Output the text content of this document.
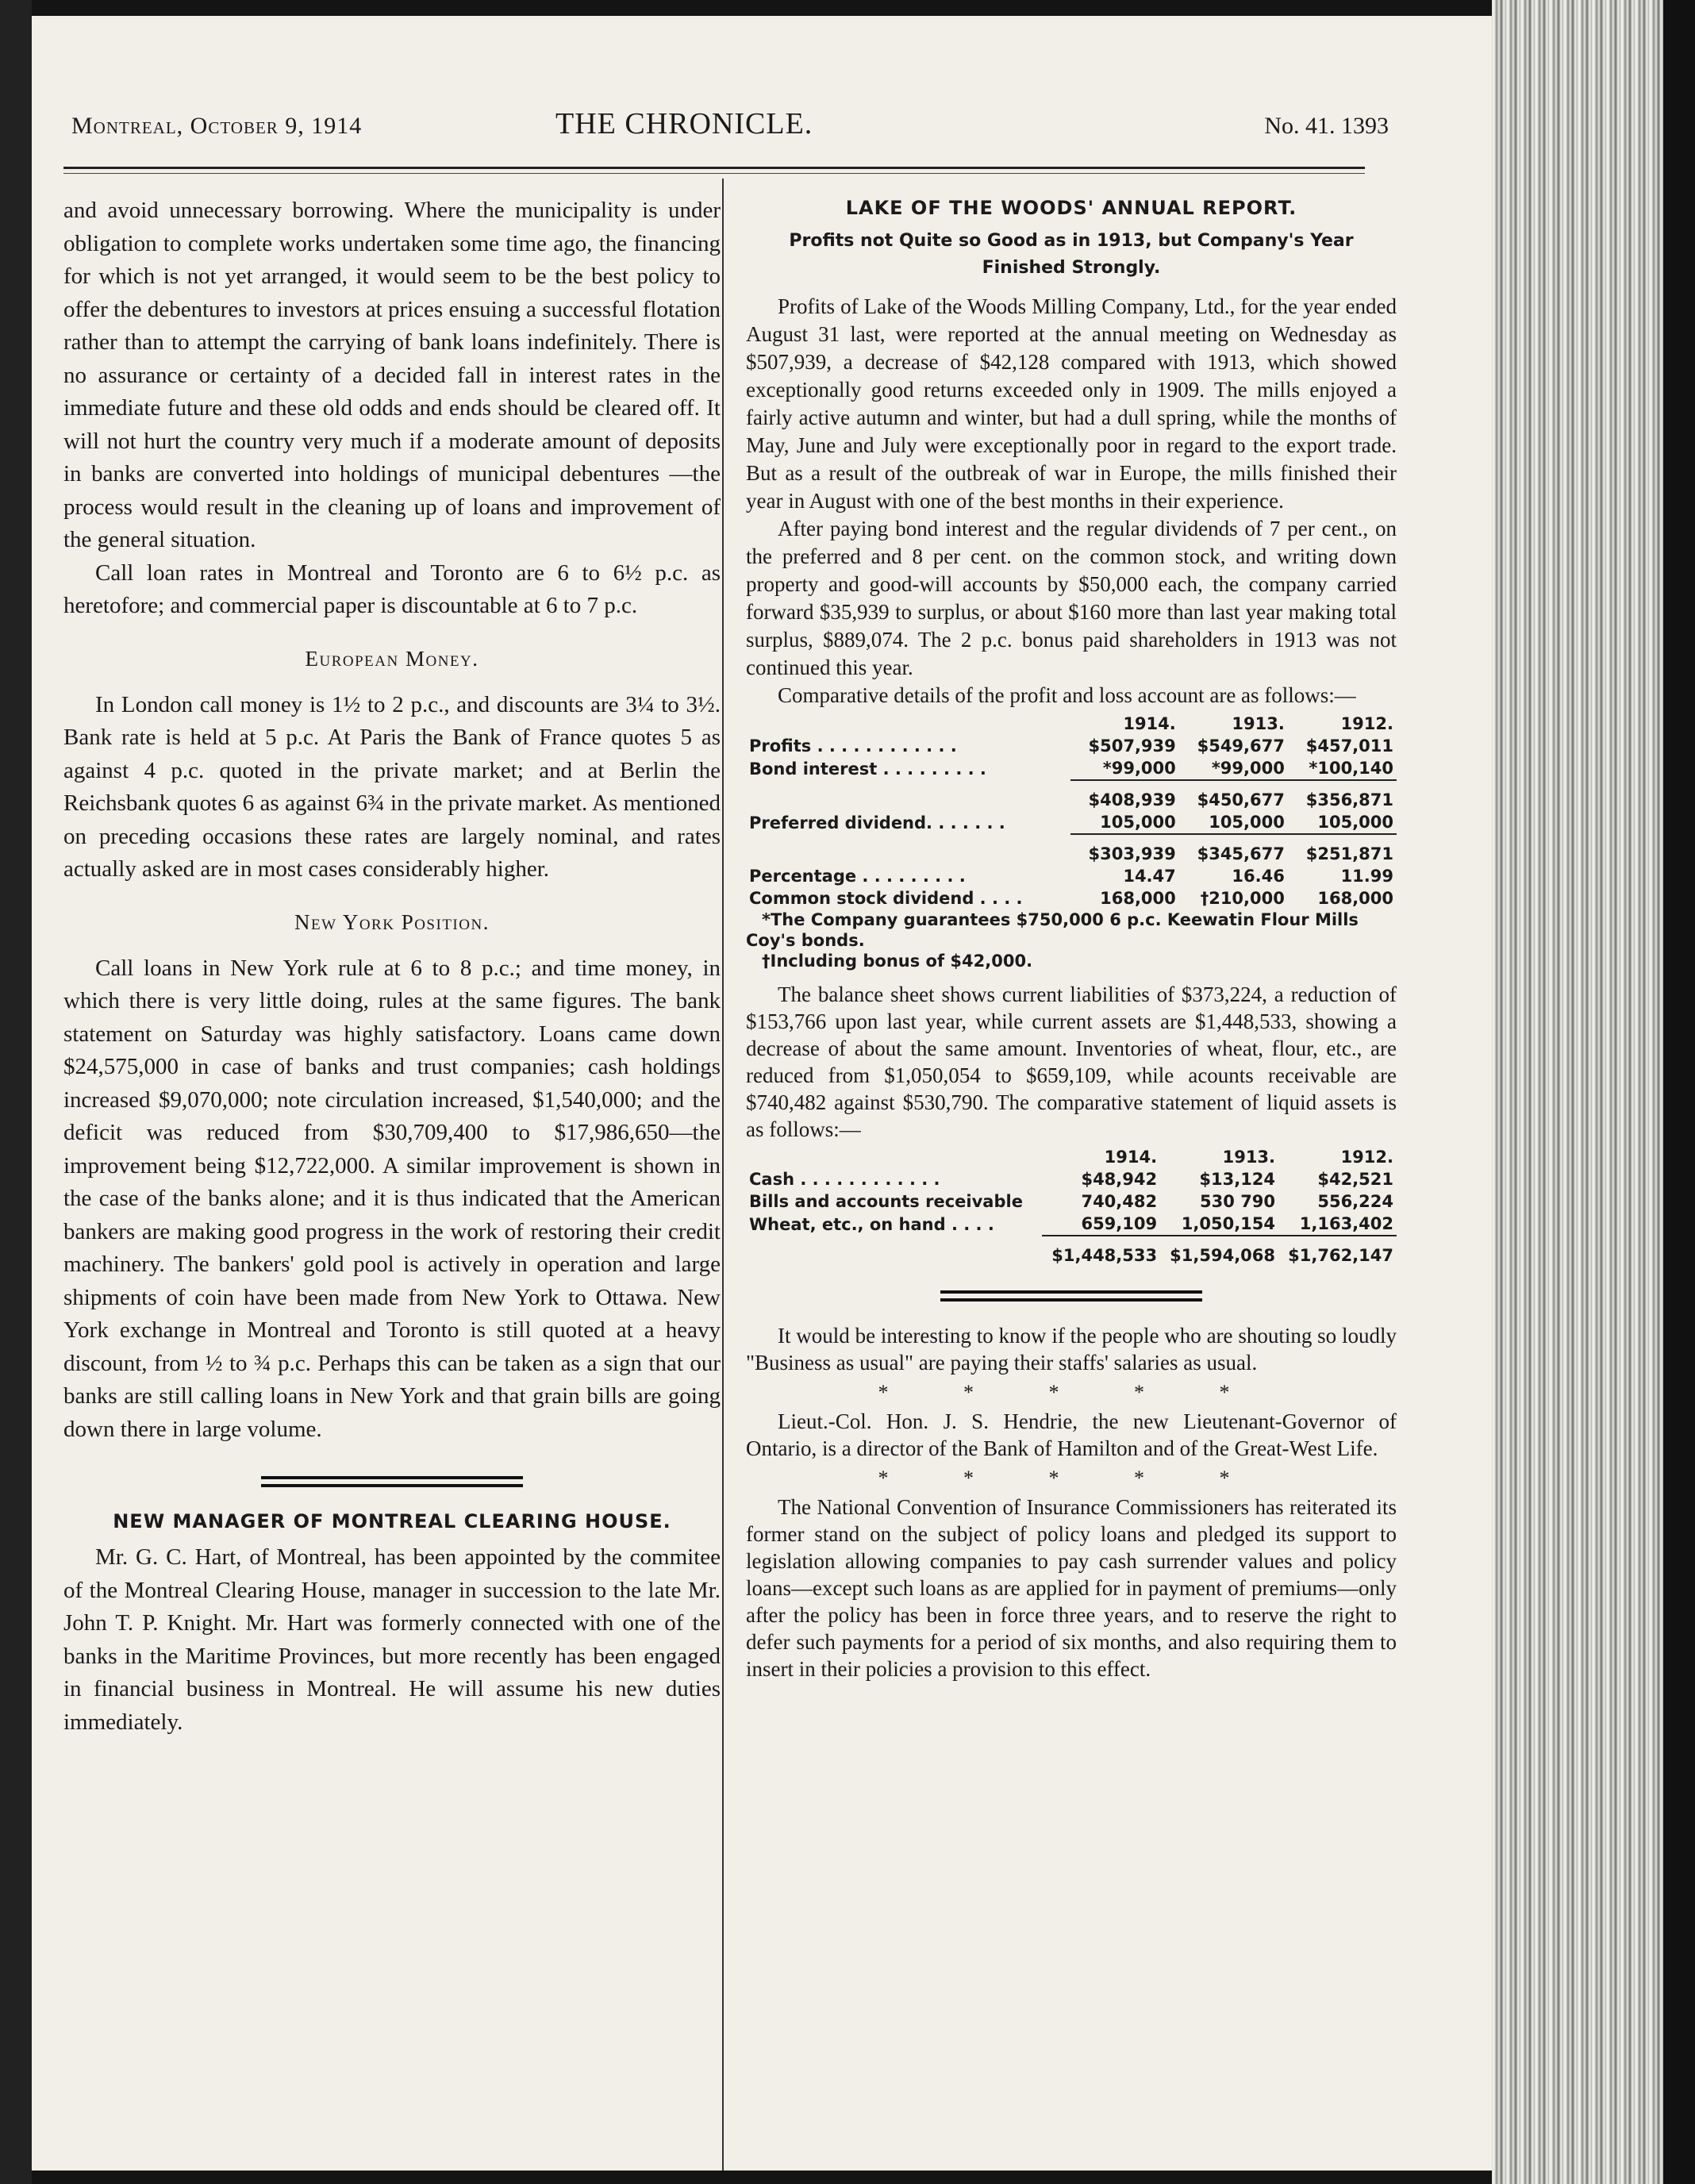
Montreal, October 9, 1914	THE CHRONICLE.	No. 41. 1393

and avoid unnecessary borrowing. Where the municipality is under obligation to complete works undertaken some time ago, the financing for which is not yet arranged, it would seem to be the best policy to offer the debentures to investors at prices ensuing a successful flotation rather than to attempt the carrying of bank loans indefinitely. There is no assurance or certainty of a decided fall in interest rates in the immediate future and these old odds and ends should be cleared off. It will not hurt the country very much if a moderate amount of deposits in banks are converted into holdings of municipal debentures —the process would result in the cleaning up of loans and improvement of the general situation.

Call loan rates in Montreal and Toronto are 6 to 6½ p.c. as heretofore; and commercial paper is discountable at 6 to 7 p.c.

European Money.

In London call money is 1½ to 2 p.c., and discounts are 3¼ to 3½. Bank rate is held at 5 p.c. At Paris the Bank of France quotes 5 as against 4 p.c. quoted in the private market; and at Berlin the Reichsbank quotes 6 as against 6¾ in the private market. As mentioned on preceding occasions these rates are largely nominal, and rates actually asked are in most cases considerably higher.

New York Position.

Call loans in New York rule at 6 to 8 p.c.; and time money, in which there is very little doing, rules at the same figures. The bank statement on Saturday was highly satisfactory. Loans came down $24,575,000 in case of banks and trust companies; cash holdings increased $9,070,000; note circulation increased, $1,540,000; and the deficit was reduced from $30,709,400 to $17,986,650—the improvement being $12,722,000. A similar improvement is shown in the case of the banks alone; and it is thus indicated that the American bankers are making good progress in the work of restoring their credit machinery. The bankers' gold pool is actively in operation and large shipments of coin have been made from New York to Ottawa. New York exchange in Montreal and Toronto is still quoted at a heavy discount, from ½ to ¾ p.c. Perhaps this can be taken as a sign that our banks are still calling loans in New York and that grain bills are going down there in large volume.

NEW MANAGER OF MONTREAL CLEARING HOUSE.

Mr. G. C. Hart, of Montreal, has been appointed by the commitee of the Montreal Clearing House, manager in succession to the late Mr. John T. P. Knight. Mr. Hart was formerly connected with one of the banks in the Maritime Provinces, but more recently has been engaged in financial business in Montreal. He will assume his new duties immediately.

LAKE OF THE WOODS' ANNUAL REPORT.
Profits not Quite so Good as in 1913, but Company's Year Finished Strongly.

Profits of Lake of the Woods Milling Company, Ltd., for the year ended August 31 last, were reported at the annual meeting on Wednesday as $507,939, a decrease of $42,128 compared with 1913, which showed exceptionally good returns exceeded only in 1909. The mills enjoyed a fairly active autumn and winter, but had a dull spring, while the months of May, June and July were exceptionally poor in regard to the export trade. But as a result of the outbreak of war in Europe, the mills finished their year in August with one of the best months in their experience.

After paying bond interest and the regular dividends of 7 per cent., on the preferred and 8 per cent. on the common stock, and writing down property and good-will accounts by $50,000 each, the company carried forward $35,939 to surplus, or about $160 more than last year making total surplus, $889,074. The 2 p.c. bonus paid shareholders in 1913 was not continued this year.

Comparative details of the profit and loss account are as follows:—

	1914.	1913.	1912.
Profits . . . . . . . . . . . .	$507,939	$549,677	$457,011
Bond interest . . . . . . . . .	*99,000	*99,000	*100,140

	$408,939	$450,677	$356,871
Preferred dividend. . . . . . .	105,000	105,000	105,000

	$303,939	$345,677	$251,871
Percentage . . . . . . . . .	14.47	16.46	11.99
Common stock dividend . . . .	168,000	†210,000	168,000
*The Company guarantees $750,000 6 p.c. Keewatin Flour Mills Coy's bonds.
†Including bonus of $42,000.

The balance sheet shows current liabilities of $373,224, a reduction of $153,766 upon last year, while current assets are $1,448,533, showing a decrease of about the same amount. Inventories of wheat, flour, etc., are reduced from $1,050,054 to $659,109, while acounts receivable are $740,482 against $530,790. The comparative statement of liquid assets is as follows:—

	1914.	1913.	1912.
Cash . . . . . . . . . . . .	$48,942	$13,124	$42,521
Bills and accounts receivable	740,482	530 790	556,224
Wheat, etc., on hand . . . .	659,109	1,050,154	1,163,402

	$1,448,533	$1,594,068	$1,762,147

It would be interesting to know if the people who are shouting so loudly "Business as usual" are paying their staffs' salaries as usual.

* * * * *

Lieut.-Col. Hon. J. S. Hendrie, the new Lieutenant-Governor of Ontario, is a director of the Bank of Hamilton and of the Great-West Life.

* * * * *

The National Convention of Insurance Commissioners has reiterated its former stand on the subject of policy loans and pledged its support to legislation allowing companies to pay cash surrender values and policy loans—except such loans as are applied for in payment of premiums—only after the policy has been in force three years, and to reserve the right to defer such payments for a period of six months, and also requiring them to insert in their policies a provision to this effect.
